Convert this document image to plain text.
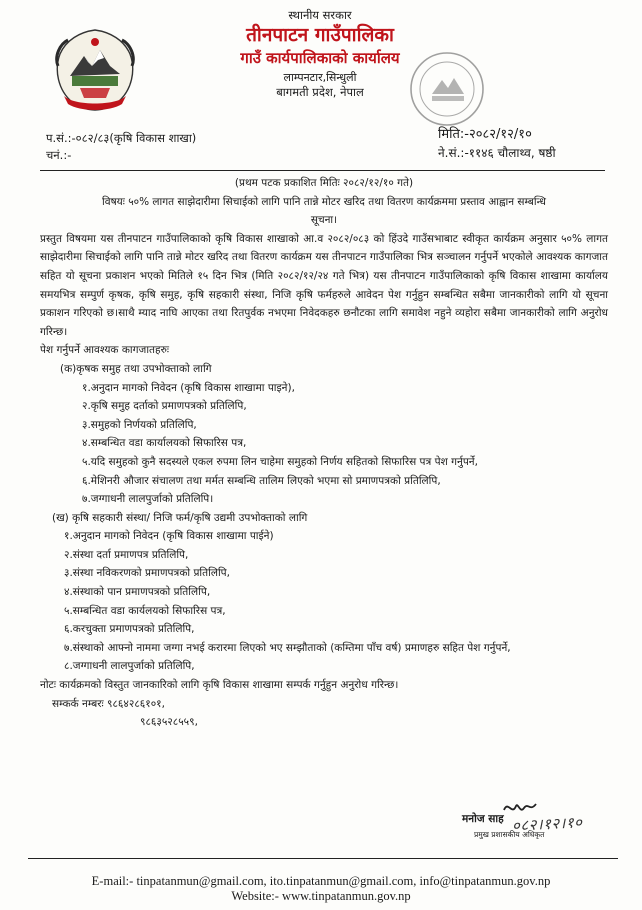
स्थानीय सरकार
तीनपाटन गाउँपालिका
गाउँ कार्यपालिकाको कार्यालय
लाम्पनटार,सिन्धुली
बागमती प्रदेश, नेपाल
प.सं.:-०८२/८३(कृषि विकास शाखा)
चनं.:-
मिति:-२०८२/१२/१०
ने.सं.:-११४६ चौलाथ्व, षष्ठी

(प्रथम पटक प्रकाशित मितिः २०८२/१२/१० गते)

विषयः ५०% लागत साझेदारीमा सिचाईको लागि पानि तान्ने मोटर खरिद तथा वितरण कार्यक्रममा प्रस्ताव आह्वान सम्बन्धि

सूचना।

प्रस्तुत विषयमा यस तीनपाटन गाउँपालिकाको कृषि विकास शाखाको आ.व २०८२/०८३ को हिंउदे गाउँसभाबाट स्वीकृत कार्यक्रम अनुसार ५०% लागत साझेदारीमा सिचाईको लागि पानि तान्ने मोटर खरिद तथा वितरण कार्यक्रम यस तीनपाटन गाउँपालिका भित्र सञ्चालन गर्नुपर्ने भएकोले आवश्यक कागजात सहित यो सूचना प्रकाशन भएको मितिले १५ दिन भित्र (मिति २०८२/१२/२४ गते भित्र) यस तीनपाटन गाउँपालिकाको कृषि विकास शाखामा कार्यालय समयभित्र सम्पुर्ण कृषक, कृषि समुह, कृषि सहकारी संस्था, निजि कृषि फर्महरुले आवेदन पेश गर्नुहुन सम्बन्धित सबैमा जानकारीको लागि यो सूचना प्रकाशन गरिएको छ।साथै म्याद नाघि आएका तथा रितपुर्वक नभएमा निवेदकहरु छनौटका लागि समावेश नहुने व्यहोरा सबैमा जानकारीको लागि अनुरोध गरिन्छ।

पेश गर्नुपर्ने आवश्यक कागजातहरुः

(क)कृषक समुह तथा उपभोक्ताको लागि

१.अनुदान मागको निवेदन (कृषि विकास शाखामा पाइने),

२.कृषि समुह दर्ताको प्रमाणपत्रको प्रतिलिपि,

३.समुहको निर्णयको प्रतिलिपि,

४.सम्बन्धित वडा कार्यालयको सिफारिस पत्र,

५.यदि समुहको कुनै सदस्यले एकल रुपमा लिन चाहेमा समुहको निर्णय सहितको सिफारिस पत्र पेश गर्नुपर्ने,

६.मेशिनरी औजार संचालण तथा मर्मत सम्बन्धि तालिम लिएको भएमा सो प्रमाणपत्रको प्रतिलिपि,

७.जग्गाधनी लालपुर्जाको प्रतिलिपि।

(ख) कृषि सहकारी संस्था/ निजि फर्म/कृषि उद्यमी उपभोक्ताको लागि

१.अनुदान मागको निवेदन (कृषि विकास शाखामा पाईने)

२.संस्था दर्ता प्रमाणपत्र प्रतिलिपि,

३.संस्था नविकरणको प्रमाणपत्रको प्रतिलिपि,

४.संस्थाको पान प्रमाणपत्रको प्रतिलिपि,

५.सम्बन्धित वडा कार्यलयको सिफारिस पत्र,

६.करचुक्ता प्रमाणपत्रको प्रतिलिपि,

७.संस्थाको आफ्नो नाममा जग्गा नभई करारमा लिएको भए सम्झौताको (कम्तिमा पाँच वर्ष) प्रमाणहरु सहित पेश गर्नुपर्ने,

८.जग्गाधनी लालपुर्जाको प्रतिलिपि,

नोटः कार्यक्रमको विस्तुत जानकारिको लागि कृषि विकास शाखामा सम्पर्क गर्नुहुन अनुरोध गरिन्छ।

सम्कर्क नम्बरः ९८६४२८६१०१,

९८६३५२८५५९,

मनोज साह ०८२।१२।१०
प्रमुख प्रशासकीय अधिकृत
E-mail:- tinpatanmun@gmail.com, ito.tinpatanmun@gmail.com, info@tinpatanmun.gov.np
Website:- www.tinpatanmun.gov.np
